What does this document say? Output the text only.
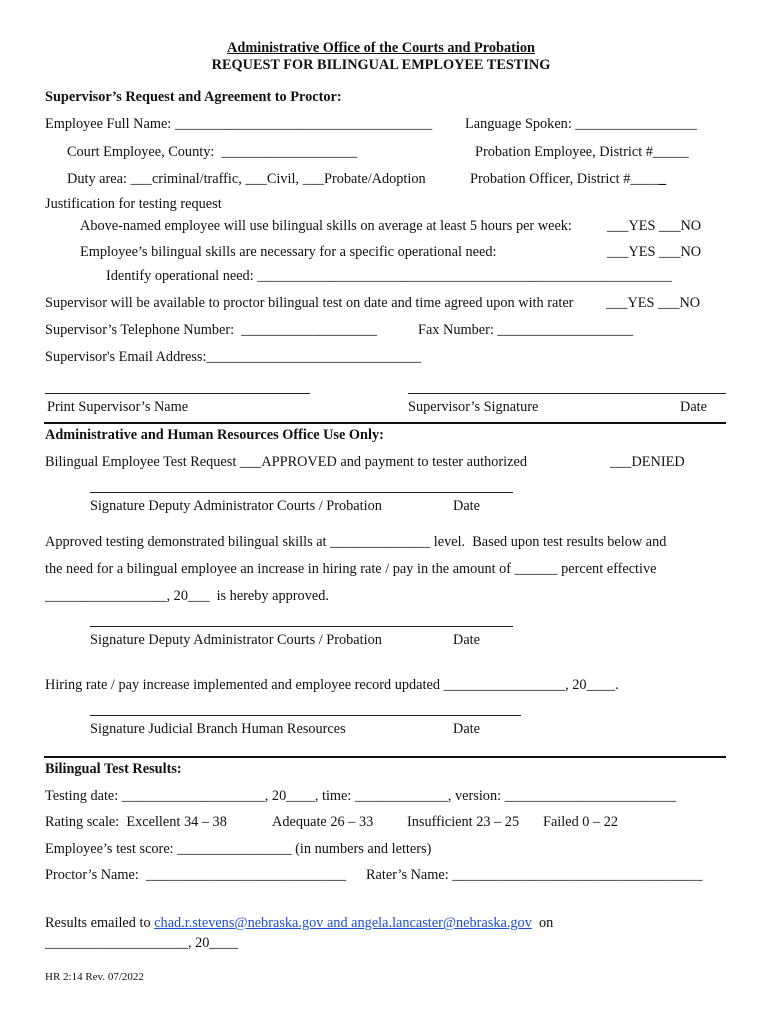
Administrative Office of the Courts and Probation
REQUEST FOR BILINGUAL EMPLOYEE TESTING
Supervisor’s Request and Agreement to Proctor:
Employee Full Name: ____________________________________ Language Spoken: _________________
Court Employee, County:  ___________________	Probation Employee, District #_____
Duty area: ___criminal/traffic, ___Civil, ___Probate/Adoption	Probation Officer, District #_____
Justification for testing request
Above-named employee will use bilingual skills on average at least 5 hours per week: ___YES ___NO
Employee’s bilingual skills are necessary for a specific operational need:	___YES ___NO
Identify operational need: __________________________________________________________
Supervisor will be available to proctor bilingual test on date and time agreed upon with rater ___YES ___NO
Supervisor’s Telephone Number:  ___________________	Fax Number: ___________________
Supervisor's Email Address:______________________________
Print Supervisor’s Name	Supervisor’s Signature	Date
Administrative and Human Resources Office Use Only:
Bilingual Employee Test Request ___APPROVED and payment to tester authorized	___DENIED
Signature Deputy Administrator Courts / Probation	Date
Approved testing demonstrated bilingual skills at ______________ level.  Based upon test results below and
the need for a bilingual employee an increase in hiring rate / pay in the amount of ______ percent effective
_________________, 20___  is hereby approved.
Signature Deputy Administrator Courts / Probation	Date
Hiring rate / pay increase implemented and employee record updated _________________, 20____.
Signature Judicial Branch Human Resources	Date
Bilingual Test Results:
Testing date: ____________________, 20____, time: _____________, version: ________________________
Rating scale:  Excellent 34 – 38	Adequate 26 – 33 Insufficient 23 – 25 Failed 0 – 22
Employee’s test score: ________________ (in numbers and letters)
Proctor’s Name:  ____________________________ Rater’s Name: ___________________________________
Results emailed to chad.r.stevens@nebraska.gov and angela.lancaster@nebraska.gov  on
____________________, 20____
HR 2:14 Rev. 07/2022
